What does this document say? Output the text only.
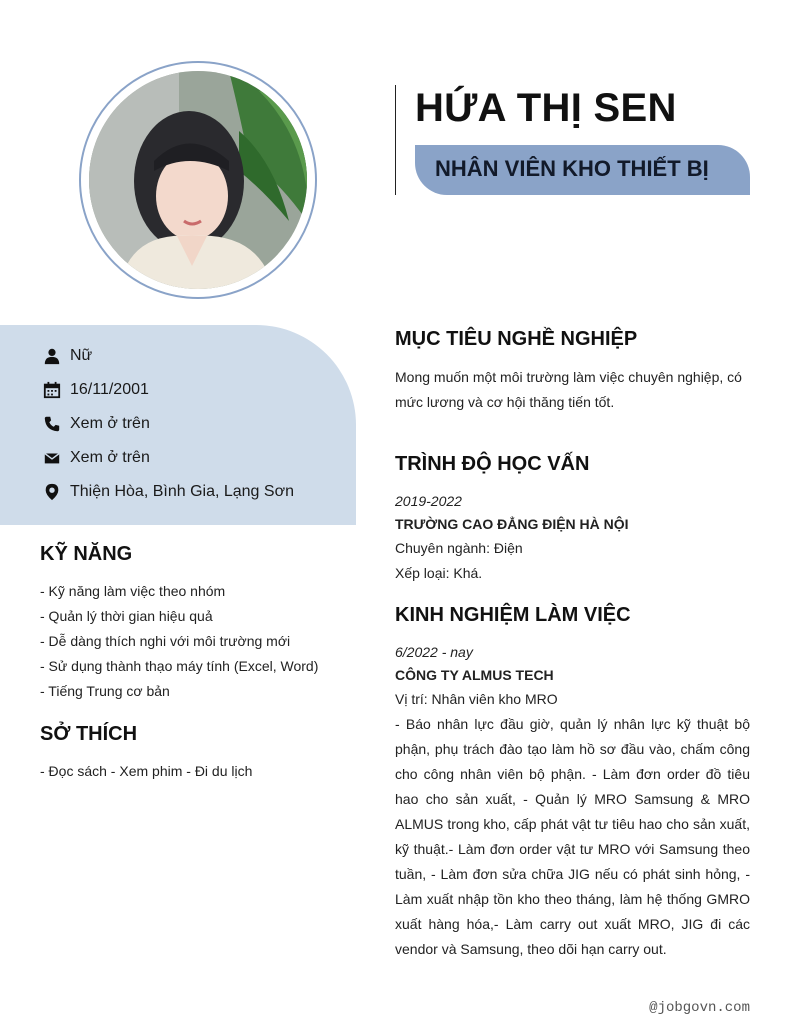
HỨA THỊ SEN
NHÂN VIÊN KHO THIẾT BỊ
Nữ
16/11/2001
Xem ở trên
Xem ở trên
Thiện Hòa, Bình Gia, Lạng Sơn
KỸ NĂNG
- Kỹ năng làm việc theo nhóm
- Quản lý thời gian hiệu quả
- Dễ dàng thích nghi với môi trường mới
- Sử dụng thành thạo máy tính (Excel, Word)
- Tiếng Trung cơ bản
SỞ THÍCH
- Đọc sách - Xem phim - Đi du lịch
MỤC TIÊU NGHỀ NGHIỆP
Mong muốn một môi trường làm việc chuyên nghiệp, có mức lương và cơ hội thăng tiến tốt.
TRÌNH ĐỘ HỌC VẤN
2019-2022
TRƯỜNG CAO ĐẲNG ĐIỆN HÀ NỘI
Chuyên ngành: Điện
Xếp loại: Khá.
KINH NGHIỆM LÀM VIỆC
6/2022 - nay
CÔNG TY ALMUS TECH
Vị trí: Nhân viên kho MRO
- Báo nhân lực đầu giờ, quản lý nhân lực kỹ thuật bộ phận, phụ trách đào tạo làm hồ sơ đầu vào, chấm công cho công nhân viên bộ phận. - Làm đơn order đồ tiêu hao cho sản xuất, - Quản lý MRO Samsung & MRO ALMUS trong kho, cấp phát vật tư tiêu hao cho sản xuất, kỹ thuật.- Làm đơn order vật tư MRO với Samsung theo tuần, - Làm đơn sửa chữa JIG nếu có phát sinh hỏng, - Làm xuất nhập tồn kho theo tháng, làm hệ thống GMRO xuất hàng hóa,- Làm carry out xuất MRO, JIG đi các vendor và Samsung, theo dõi hạn carry out.
@jobgovn.com
